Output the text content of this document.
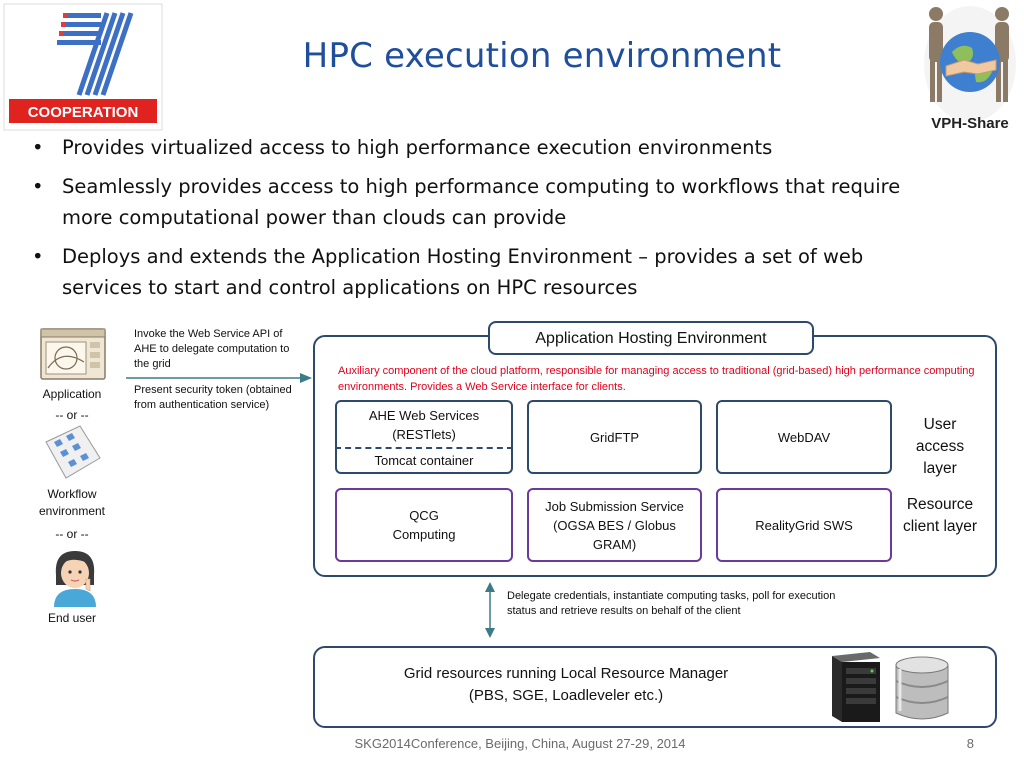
COOPERATION
VPH-Share
HPC execution environment
• Provides virtualized access to high performance execution environments
• Seamlessly provides access to high performance computing to workflows that require more computational power than clouds can provide
• Deploys and extends the Application Hosting Environment – provides a set of web services to start and control applications on HPC resources
Application
-- or --
Workflow environment
-- or --
End user
Invoke the Web Service API of AHE to delegate computation to the grid
Present security token (obtained from authentication service)
Application Hosting Environment
Auxiliary component of the cloud platform, responsible for managing access to traditional (grid-based) high performance computing environments. Provides a Web Service interface for clients.
AHE Web Services (RESTlets)
Tomcat container
GridFTP	WebDAV
User access layer
QCG Computing
Job Submission Service (OGSA BES / Globus GRAM)
RealityGrid SWS
Resource client layer
Delegate credentials, instantiate computing tasks, poll for execution status and retrieve results on behalf of the client
Grid resources running Local Resource Manager
(PBS, SGE, Loadleveler etc.)
SKG2014Conference, Beijing, China, August 27-29, 2014	8
